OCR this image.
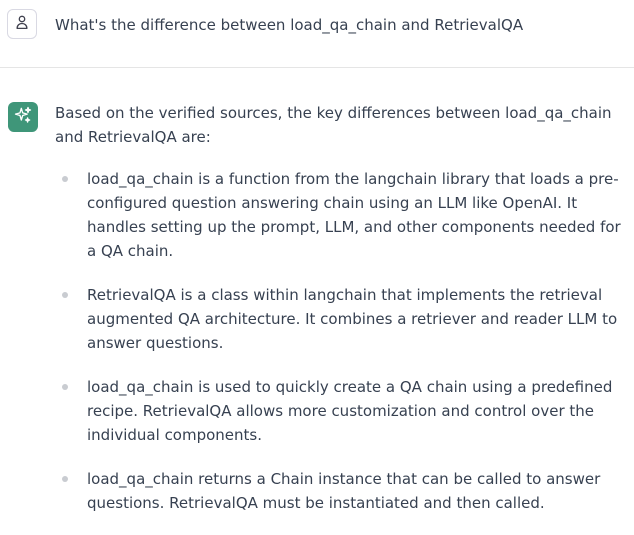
What's the difference between load_qa_chain and RetrievalQA

Based on the verified sources, the key differences between load_qa_chain and RetrievalQA are:

load_qa_chain is a function from the langchain library that loads a pre-configured question answering chain using an LLM like OpenAI. It handles setting up the prompt, LLM, and other components needed for a QA chain.
RetrievalQA is a class within langchain that implements the retrieval augmented QA architecture. It combines a retriever and reader LLM to answer questions.
load_qa_chain is used to quickly create a QA chain using a predefined recipe. RetrievalQA allows more customization and control over the individual components.
load_qa_chain returns a Chain instance that can be called to answer questions. RetrievalQA must be instantiated and then called.
